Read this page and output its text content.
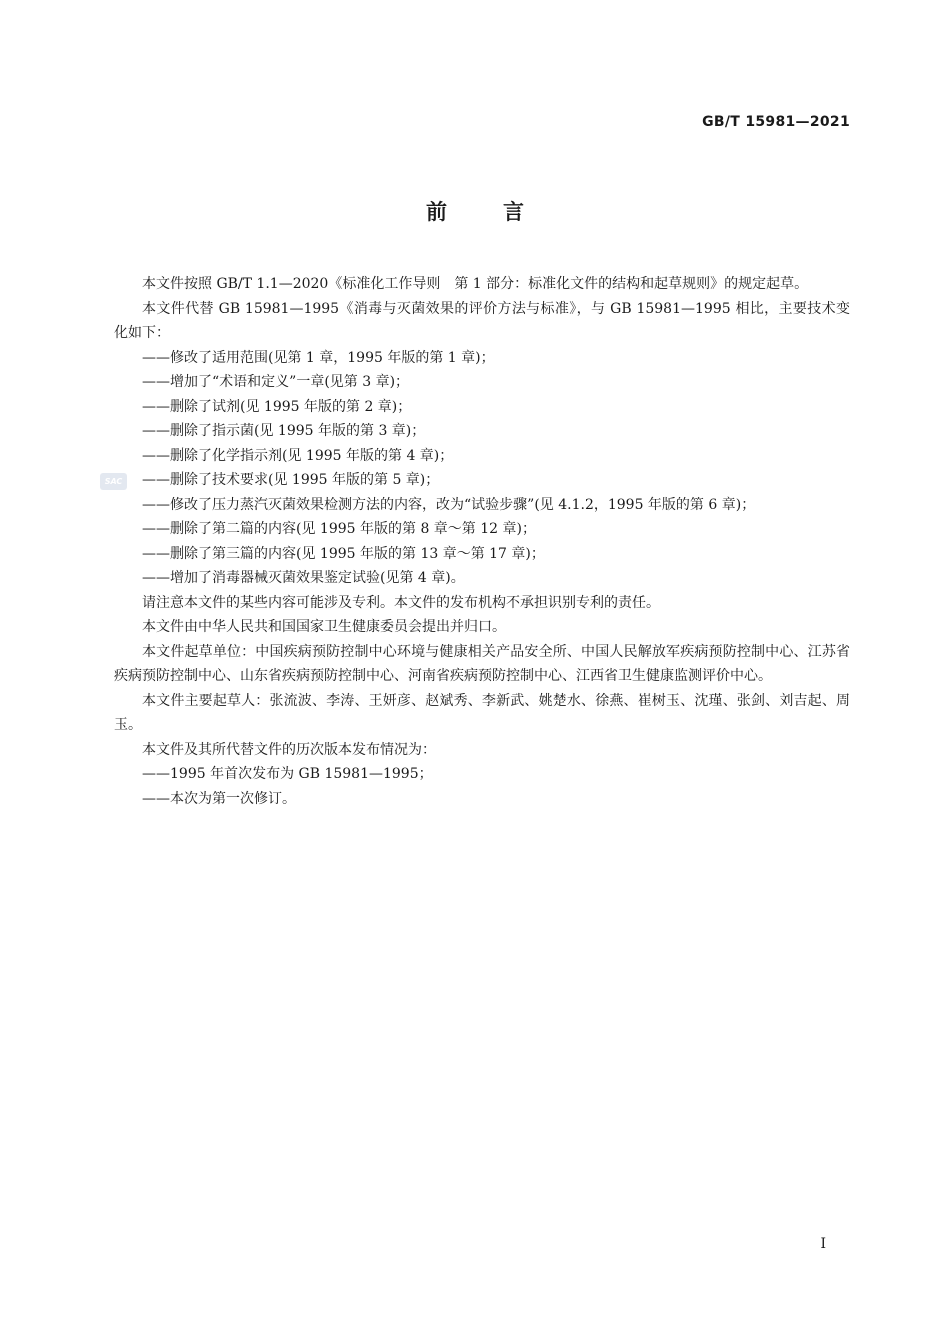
GB/T 15981—2021
前言
SAC

本文件按照 GB/T 1.1—2020《标准化工作导则　第 1 部分：标准化文件的结构和起草规则》的规定起草。

本文件代替 GB 15981—1995《消毒与灭菌效果的评价方法与标准》，与 GB 15981—1995 相比，主要技术变化如下：

——修改了适用范围(见第 1 章，1995 年版的第 1 章)；
——增加了“术语和定义”一章(见第 3 章)；
——删除了试剂(见 1995 年版的第 2 章)；
——删除了指示菌(见 1995 年版的第 3 章)；
——删除了化学指示剂(见 1995 年版的第 4 章)；
——删除了技术要求(见 1995 年版的第 5 章)；
——修改了压力蒸汽灭菌效果检测方法的内容，改为“试验步骤”(见 4.1.2，1995 年版的第 6 章)；
——删除了第二篇的内容(见 1995 年版的第 8 章～第 12 章)；
——删除了第三篇的内容(见 1995 年版的第 13 章～第 17 章)；
——增加了消毒器械灭菌效果鉴定试验(见第 4 章)。

请注意本文件的某些内容可能涉及专利。本文件的发布机构不承担识别专利的责任。

本文件由中华人民共和国国家卫生健康委员会提出并归口。

本文件起草单位：中国疾病预防控制中心环境与健康相关产品安全所、中国人民解放军疾病预防控制中心、江苏省疾病预防控制中心、山东省疾病预防控制中心、河南省疾病预防控制中心、江西省卫生健康监测评价中心。

本文件主要起草人：张流波、李涛、王妍彦、赵斌秀、李新武、姚楚水、徐燕、崔树玉、沈瑾、张剑、刘吉起、周玉。

本文件及其所代替文件的历次版本发布情况为：

——1995 年首次发布为 GB 15981—1995；
——本次为第一次修订。
I
